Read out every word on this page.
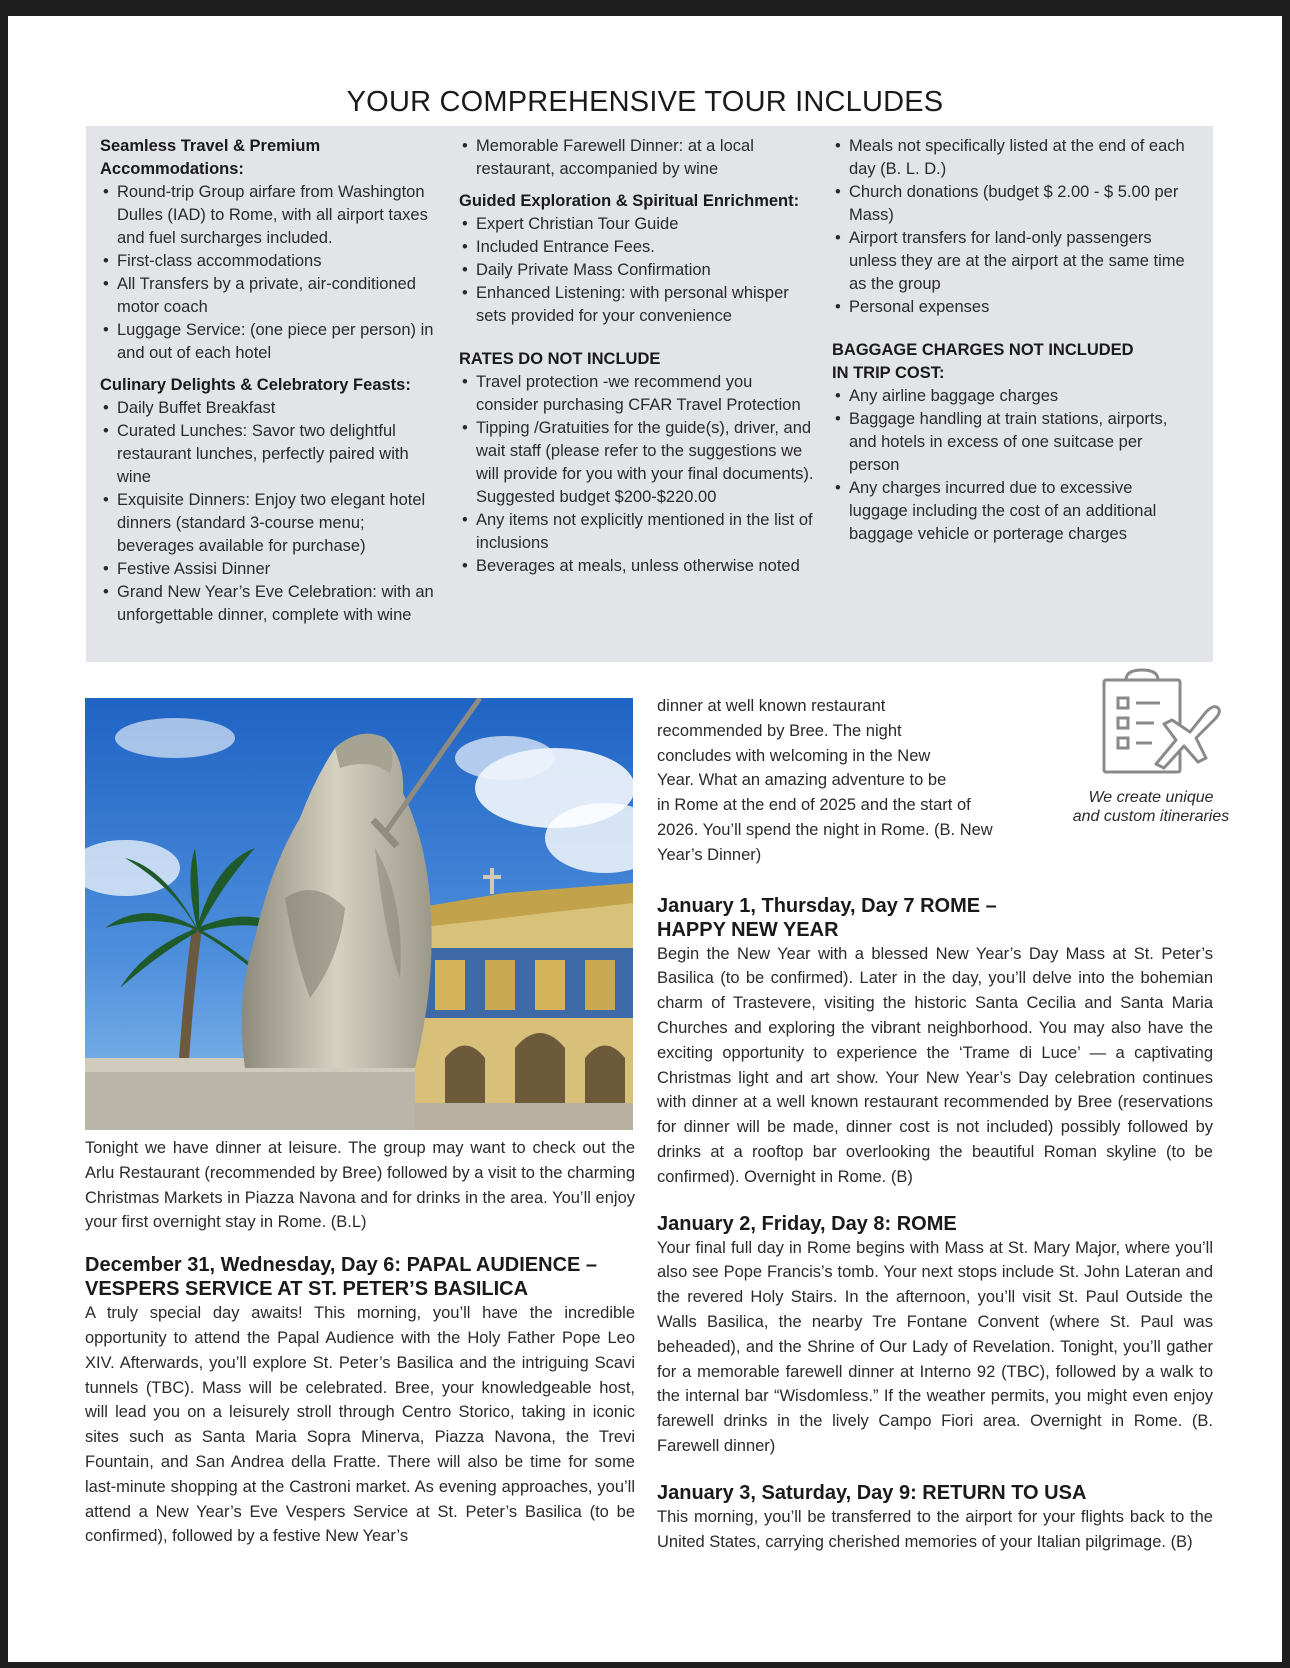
YOUR COMPREHENSIVE TOUR INCLUDES
Seamless Travel & Premium
Accommodations:
• Round-trip Group airfare from Washington Dulles (IAD) to Rome, with all airport taxes and fuel surcharges included.
• First-class accommodations
• All Transfers by a private, air-conditioned motor coach
• Luggage Service: (one piece per person) in and out of each hotel
Culinary Delights & Celebratory Feasts:
• Daily Buffet Breakfast
• Curated Lunches: Savor two delightful restaurant lunches, perfectly paired with wine
• Exquisite Dinners: Enjoy two elegant hotel dinners (standard 3-course menu; beverages available for purchase)
• Festive Assisi Dinner
• Grand New Year’s Eve Celebration: with an unforgettable dinner, complete with wine
• Memorable Farewell Dinner: at a local restaurant, accompanied by wine
Guided Exploration & Spiritual Enrichment:
• Expert Christian Tour Guide
• Included Entrance Fees.
• Daily Private Mass Confirmation
• Enhanced Listening: with personal whisper sets provided for your convenience
RATES DO NOT INCLUDE
• Travel protection -we recommend you consider purchasing CFAR Travel Protection
• Tipping /Gratuities for the guide(s), driver, and wait staff (please refer to the suggestions we will provide for you with your final documents). Suggested budget $200-$220.00
• Any items not explicitly mentioned in the list of inclusions
• Beverages at meals, unless otherwise noted
• Meals not specifically listed at the end of each day (B. L. D.)
• Church donations (budget $ 2.00 - $ 5.00 per Mass)
• Airport transfers for land-only passengers unless they are at the airport at the same time as the group
• Personal expenses
BAGGAGE CHARGES NOT INCLUDED
IN TRIP COST:
• Any airline baggage charges
• Baggage handling at train stations, airports, and hotels in excess of one suitcase per person
• Any charges incurred due to excessive luggage including the cost of an additional baggage vehicle or porterage charges

Tonight we have dinner at leisure. The group may want to check out the Arlu Restaurant (recommended by Bree) followed by a visit to the charming Christmas Markets in Piazza Navona and for drinks in the area. You’ll enjoy your first overnight stay in Rome. (B.L)

December 31, Wednesday, Day 6: PAPAL AUDIENCE –
VESPERS SERVICE AT ST. PETER’S BASILICA

A truly special day awaits! This morning, you’ll have the incredible opportunity to attend the Papal Audience with the Holy Father Pope Leo XIV. Afterwards, you’ll explore St. Peter’s Basilica and the intriguing Scavi tunnels (TBC). Mass will be celebrated. Bree, your knowledgeable host, will lead you on a leisurely stroll through Centro Storico, taking in iconic sites such as Santa Maria Sopra Minerva, Piazza Navona, the Trevi Fountain, and San Andrea della Fratte. There will also be time for some last-minute shopping at the Castroni market. As evening approaches, you’ll attend a New Year’s Eve Vespers Service at St. Peter’s Basilica (to be confirmed), followed by a festive New Year’s

We create unique
and custom itineraries
dinner at well known restaurant
recommended by Bree. The night
concludes with welcoming in the New
Year. What an amazing adventure to be
in Rome at the end of 2025 and the start of
2026. You’ll spend the night in Rome. (B. New
Year’s Dinner)
January 1, Thursday, Day 7 ROME –
HAPPY NEW YEAR

Begin the New Year with a blessed New Year’s Day Mass at St. Peter’s Basilica (to be confirmed). Later in the day, you’ll delve into the bohemian charm of Trastevere, visiting the historic Santa Cecilia and Santa Maria Churches and exploring the vibrant neighborhood. You may also have the exciting opportunity to experience the ‘Trame di Luce’ — a captivating Christmas light and art show. Your New Year’s Day celebration continues with dinner at a well known restaurant recommended by Bree (reservations for dinner will be made, dinner cost is not included) possibly followed by drinks at a rooftop bar overlooking the beautiful Roman skyline (to be confirmed). Overnight in Rome. (B)

January 2, Friday, Day 8: ROME

Your final full day in Rome begins with Mass at St. Mary Major, where you’ll also see Pope Francis’s tomb. Your next stops include St. John Lateran and the revered Holy Stairs. In the afternoon, you’ll visit St. Paul Outside the Walls Basilica, the nearby Tre Fontane Convent (where St. Paul was beheaded), and the Shrine of Our Lady of Revelation. Tonight, you’ll gather for a memorable farewell dinner at Interno 92 (TBC), followed by a walk to the internal bar “Wisdomless.” If the weather permits, you might even enjoy farewell drinks in the lively Campo Fiori area. Overnight in Rome. (B. Farewell dinner)

January 3, Saturday, Day 9: RETURN TO USA

This morning, you’ll be transferred to the airport for your flights back to the United States, carrying cherished memories of your Italian pilgrimage. (B)
